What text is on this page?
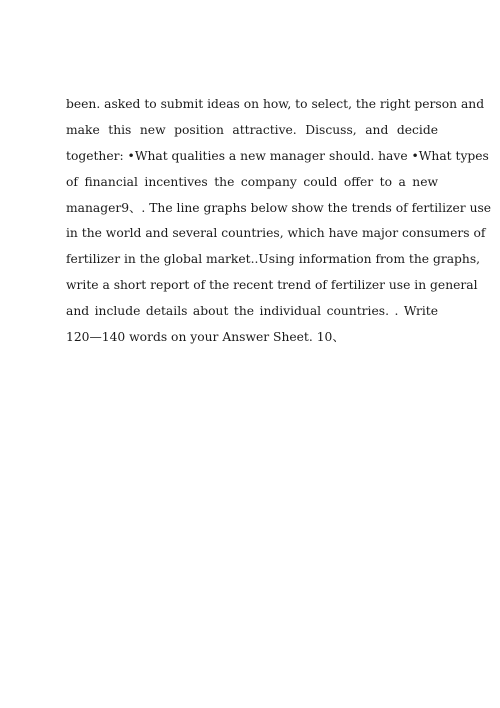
been. asked to submit ideas on how, to select, the right person and
make this new position attractive. Discuss, and decide
together: •What qualities a new manager should. have •What types
of financial incentives the company could offer to a new
manager9、. The line graphs below show the trends of fertilizer use
in the world and several countries, which have major consumers of
fertilizer in the global market..Using information from the graphs,
write a short report of the recent trend of fertilizer use in general
and include details about the individual countries. . Write
120—140 words on your Answer Sheet. 10、
